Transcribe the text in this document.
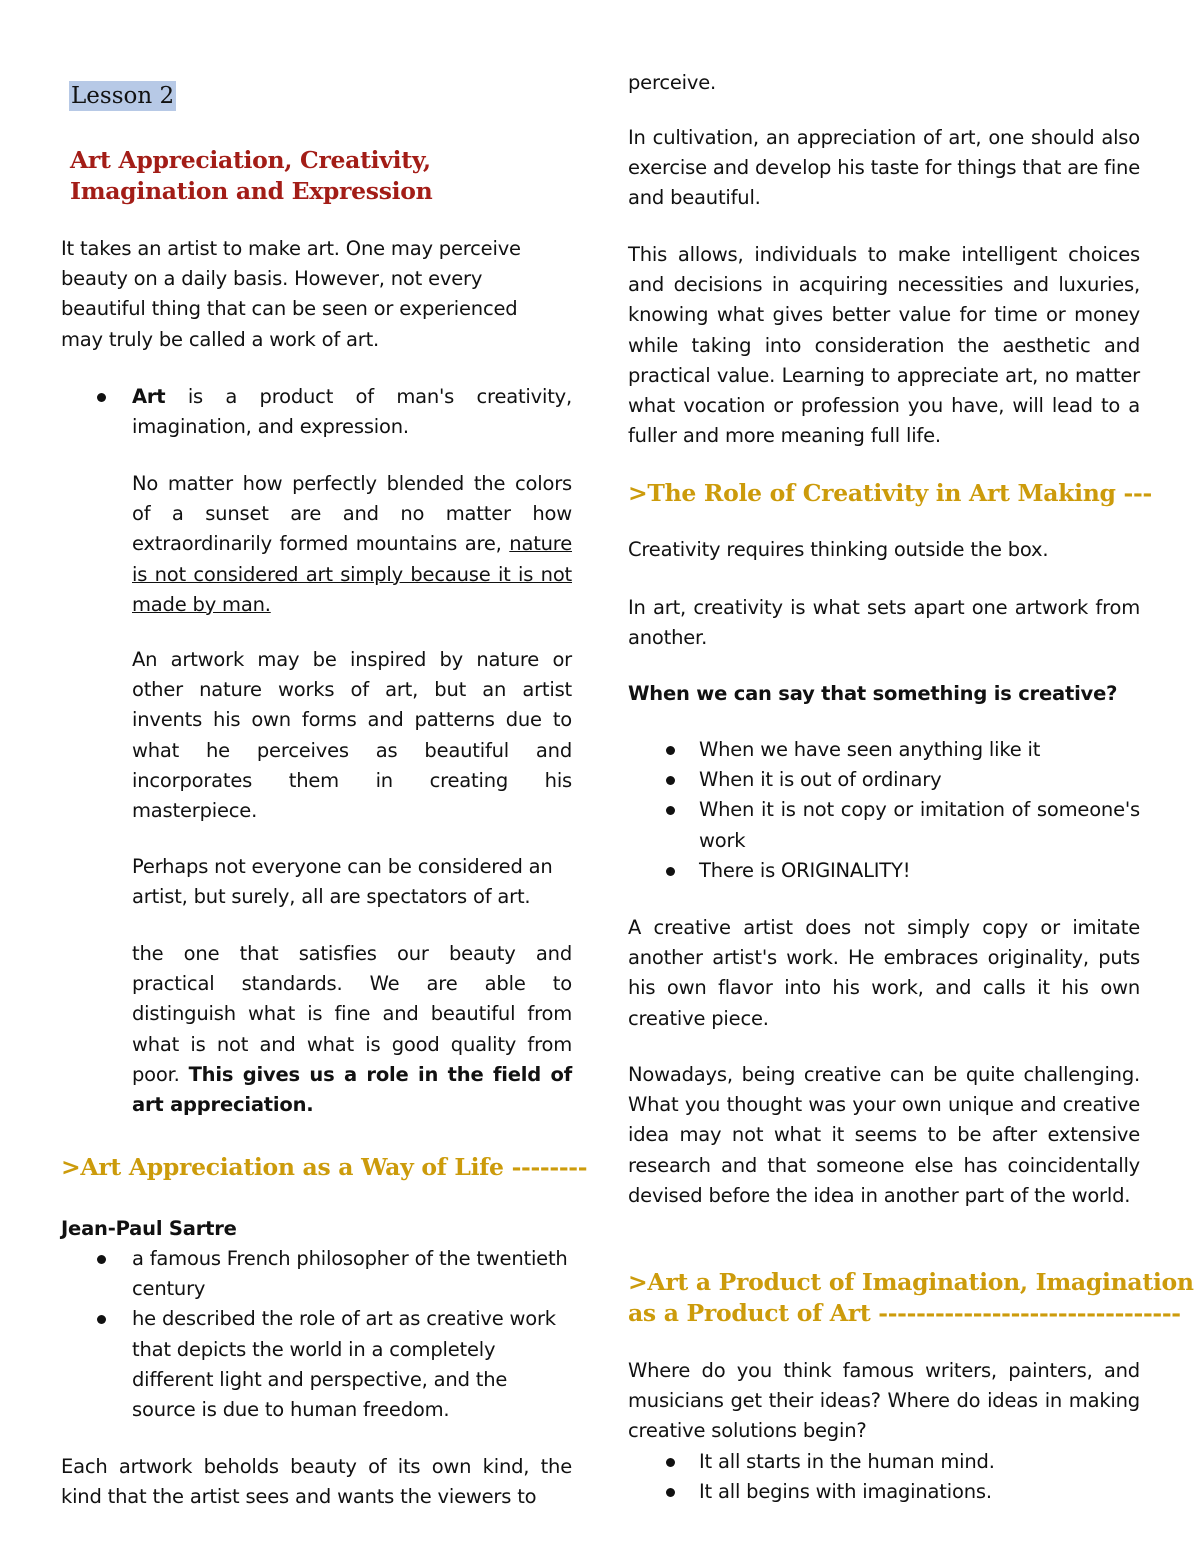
Lesson 2

Art Appreciation, Creativity,

Imagination and Expression

It takes an artist to make art. One may perceive beauty on a daily basis. However, not every beautiful thing that can be seen or experienced may truly be called a work of art.

Art is a product of man's creativity, imagination, and expression.

No matter how perfectly blended the colors of a sunset are and no matter how extraordinarily formed mountains are, nature is not considered art simply because it is not made by man.

An artwork may be inspired by nature or other nature works of art, but an artist invents his own forms and patterns due to what he perceives as beautiful and incorporates them in creating his masterpiece.

Perhaps not everyone can be considered an artist, but surely, all are spectators of art.

the one that satisfies our beauty and practical standards. We are able to distinguish what is fine and beautiful from what is not and what is good quality from poor. This gives us a role in the field of art appreciation.

>Art Appreciation as a Way of Life --------

Jean-Paul Sartre

a famous French philosopher of the twentieth century

he described the role of art as creative work that depicts the world in a completely different light and perspective, and the source is due to human freedom.

Each artwork beholds beauty of its own kind, the kind that the artist sees and wants the viewers to

perceive.

In cultivation, an appreciation of art, one should also exercise and develop his taste for things that are fine and beautiful.

This allows, individuals to make intelligent choices and decisions in acquiring necessities and luxuries, knowing what gives better value for time or money while taking into consideration the aesthetic and practical value. Learning to appreciate art, no matter what vocation or profession you have, will lead to a fuller and more meaning full life.

>The Role of Creativity in Art Making ---

Creativity requires thinking outside the box.

In art, creativity is what sets apart one artwork from another.

When we can say that something is creative?

When we have seen anything like it

When it is out of ordinary

When it is not copy or imitation of someone's work

There is ORIGINALITY!

A creative artist does not simply copy or imitate another artist's work. He embraces originality, puts his own flavor into his work, and calls it his own creative piece.

Nowadays, being creative can be quite challenging. What you thought was your own unique and creative idea may not what it seems to be after extensive research and that someone else has coincidentally devised before the idea in another part of the world.

>Art a Product of Imagination, Imagination

as a Product of Art --------------------------------

Where do you think famous writers, painters, and musicians get their ideas? Where do ideas in making creative solutions begin?

It all starts in the human mind.

It all begins with imaginations.
